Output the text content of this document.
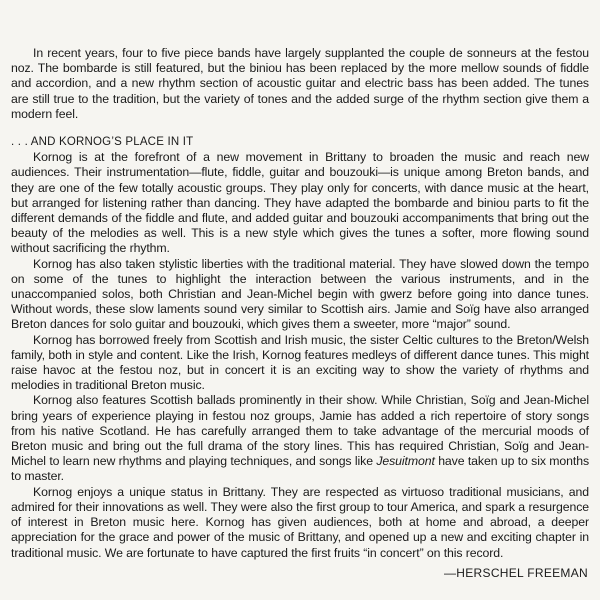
In recent years, four to five piece bands have largely supplanted the couple de sonneurs at the festou noz. The bombarde is still featured, but the biniou has been replaced by the more mellow sounds of fiddle and accordion, and a new rhythm section of acoustic guitar and electric bass has been added. The tunes are still true to the tradition, but the variety of tones and the added surge of the rhythm section give them a modern feel.

. . . AND KORNOG’S PLACE IN IT

Kornog is at the forefront of a new movement in Brittany to broaden the music and reach new audiences. Their instrumentation—flute, fiddle, guitar and bouzouki—is unique among Breton bands, and they are one of the few totally acoustic groups. They play only for concerts, with dance music at the heart, but arranged for listening rather than dancing. They have adapted the bombarde and biniou parts to fit the different demands of the fiddle and flute, and added guitar and bouzouki accompaniments that bring out the beauty of the melodies as well. This is a new style which gives the tunes a softer, more flowing sound without sacrificing the rhythm.

Kornog has also taken stylistic liberties with the traditional material. They have slowed down the tempo on some of the tunes to highlight the interaction between the various instruments, and in the unaccompanied solos, both Christian and Jean-Michel begin with gwerz before going into dance tunes. Without words, these slow laments sound very similar to Scottish airs. Jamie and Soïg have also arranged Breton dances for solo guitar and bouzouki, which gives them a sweeter, more “major” sound.

Kornog has borrowed freely from Scottish and Irish music, the sister Celtic cultures to the Breton/Welsh family, both in style and content. Like the Irish, Kornog features medleys of different dance tunes. This might raise havoc at the festou noz, but in concert it is an exciting way to show the variety of rhythms and melodies in traditional Breton music.

Kornog also features Scottish ballads prominently in their show. While Christian, Soïg and Jean-Michel bring years of experience playing in festou noz groups, Jamie has added a rich repertoire of story songs from his native Scotland. He has carefully arranged them to take advantage of the mercurial moods of Breton music and bring out the full drama of the story lines. This has required Christian, Soïg and Jean-Michel to learn new rhythms and playing techniques, and songs like Jesuitmont have taken up to six months to master.

Kornog enjoys a unique status in Brittany. They are respected as virtuoso traditional musicians, and admired for their innovations as well. They were also the first group to tour America, and spark a resurgence of interest in Breton music here. Kornog has given audiences, both at home and abroad, a deeper appreciation for the grace and power of the music of Brittany, and opened up a new and exciting chapter in traditional music. We are fortunate to have captured the first fruits “in concert” on this record.

—HERSCHEL FREEMAN
